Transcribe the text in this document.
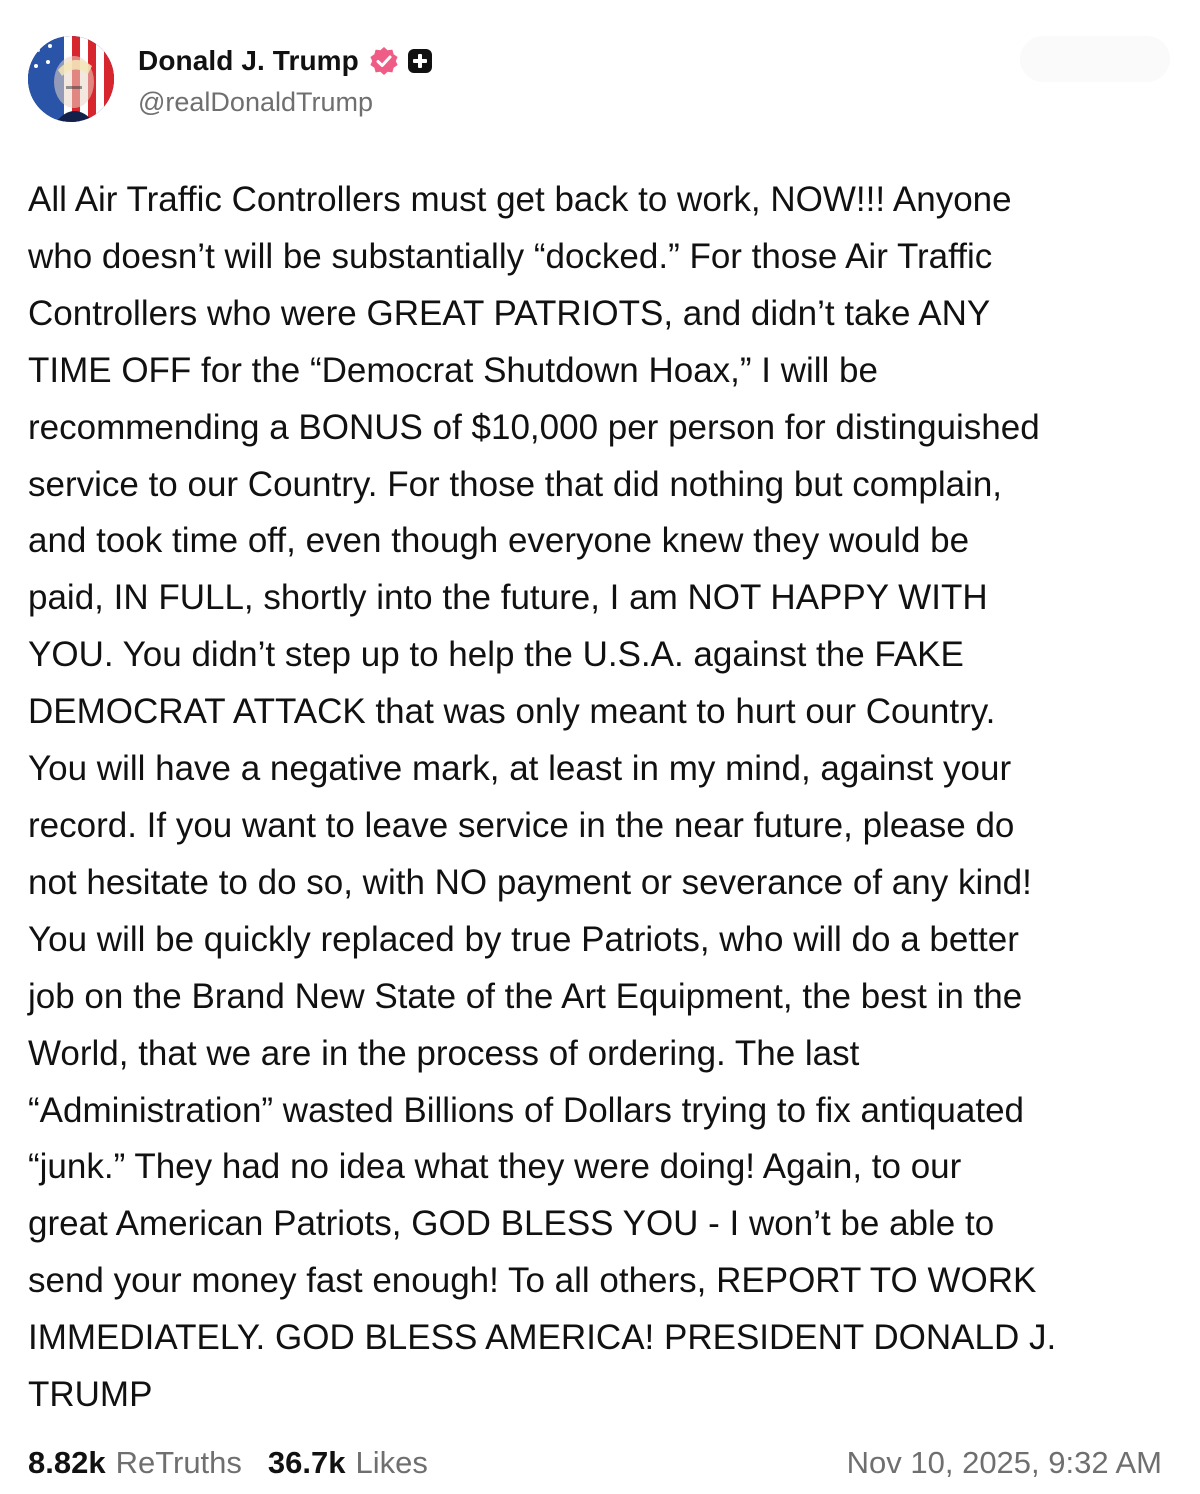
Donald J. Trump
@realDonaldTrump
All Air Traffic Controllers must get back to work, NOW!!! Anyone
who doesn’t will be substantially “docked.” For those Air Traffic
Controllers who were GREAT PATRIOTS, and didn’t take ANY
TIME OFF for the “Democrat Shutdown Hoax,” I will be
recommending a BONUS of $10,000 per person for distinguished
service to our Country. For those that did nothing but complain,
and took time off, even though everyone knew they would be
paid, IN FULL, shortly into the future, I am NOT HAPPY WITH
YOU. You didn’t step up to help the U.S.A. against the FAKE
DEMOCRAT ATTACK that was only meant to hurt our Country.
You will have a negative mark, at least in my mind, against your
record. If you want to leave service in the near future, please do
not hesitate to do so, with NO payment or severance of any kind!
You will be quickly replaced by true Patriots, who will do a better
job on the Brand New State of the Art Equipment, the best in the
World, that we are in the process of ordering. The last
“Administration” wasted Billions of Dollars trying to fix antiquated
“junk.” They had no idea what they were doing! Again, to our
great American Patriots, GOD BLESS YOU - I won’t be able to
send your money fast enough! To all others, REPORT TO WORK
IMMEDIATELY. GOD BLESS AMERICA! PRESIDENT DONALD J.
TRUMP
8.82k ReTruths 36.7k Likes	Nov 10, 2025, 9:32 AM
